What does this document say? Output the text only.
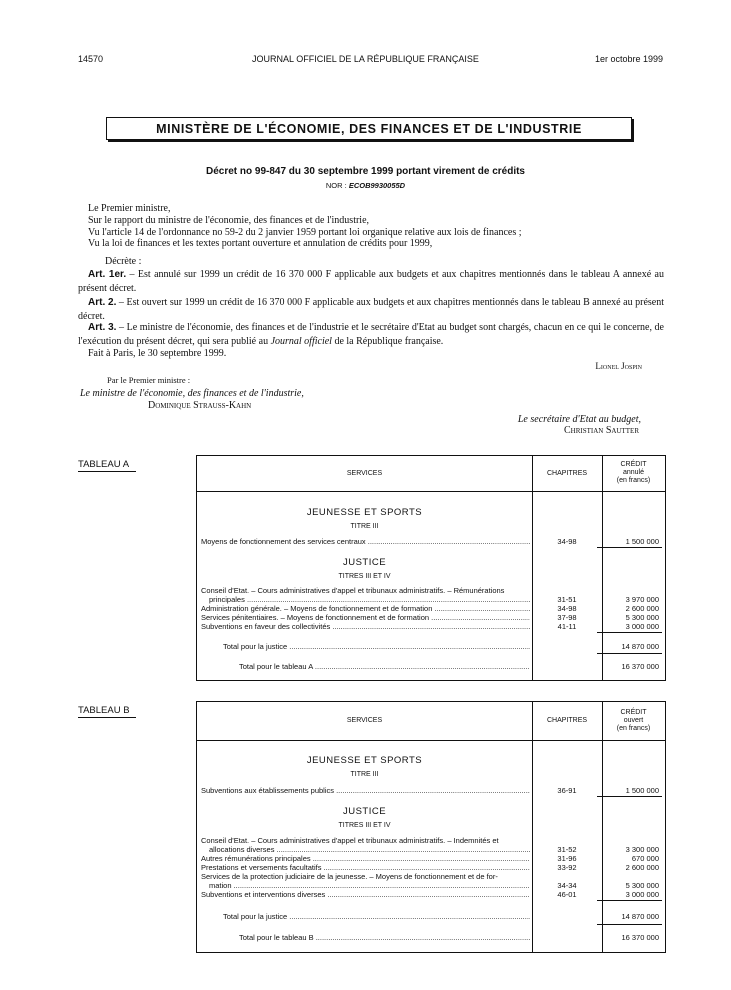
14570	JOURNAL OFFICIEL DE LA RÉPUBLIQUE FRANÇAISE	1er octobre 1999
MINISTÈRE DE L'ÉCONOMIE, DES FINANCES ET DE L'INDUSTRIE
Décret no 99-847 du 30 septembre 1999 portant virement de crédits
NOR : ECOB9930055D
Le Premier ministre,
Sur le rapport du ministre de l'économie, des finances et de l'industrie,
Vu l'article 14 de l'ordonnance no 59-2 du 2 janvier 1959 portant loi organique relative aux lois de finances ;
Vu la loi de finances et les textes portant ouverture et annulation de crédits pour 1999,
Décrète :
Art. 1er. – Est annulé sur 1999 un crédit de 16 370 000 F applicable aux budgets et aux chapitres mentionnés dans le tableau A annexé au présent décret.
Art. 2. – Est ouvert sur 1999 un crédit de 16 370 000 F applicable aux budgets et aux chapitres mentionnés dans le tableau B annexé au présent décret.
Art. 3. – Le ministre de l'économie, des finances et de l'industrie et le secrétaire d'Etat au budget sont chargés, chacun en ce qui le concerne, de l'exécution du présent décret, qui sera publié au Journal officiel de la République française.
Fait à Paris, le 30 septembre 1999.
Lionel Jospin
Par le Premier ministre :
Le ministre de l'économie, des finances et de l'industrie,
Dominique Strauss-Kahn
Le secrétaire d'Etat au budget,
Christian Sautter
TABLEAU A
SERVICES	CHAPITRES
CRÉDIT
annulé
(en francs)
JEUNESSE ET SPORTS
TITRE III
Moyens de fonctionnement des services centraux .....	34-98	1 500 000
JUSTICE
TITRES III ET IV
Conseil d'Etat. – Cours administratives d'appel et tribunaux administratifs. – Rémunérations
principales .....	31-51	3 970 000
Administration générale. – Moyens de fonctionnement et de formation .....	34-98	2 600 000
Services pénitentiaires. – Moyens de fonctionnement et de formation .....	37-98	5 300 000
Subventions en faveur des collectivités .....	41-11	3 000 000
Total pour la justice .....	14 870 000
Total pour le tableau A .....	16 370 000
TABLEAU B
SERVICES	CHAPITRES
CRÉDIT
ouvert
(en francs)
JEUNESSE ET SPORTS
TITRE III
Subventions aux établissements publics .....	36-91	1 500 000
JUSTICE
TITRES III ET IV
Conseil d'Etat. – Cours administratives d'appel et tribunaux administratifs. – Indemnités et
allocations diverses .....	31-52	3 300 000
Autres rémunérations principales .....	31-96	670 000
Prestations et versements facultatifs .....	33-92	2 600 000
Services de la protection judiciaire de la jeunesse. – Moyens de fonctionnement et de for-
mation .....	34-34	5 300 000
Subventions et interventions diverses .....	46-01	3 000 000
Total pour la justice .....	14 870 000
Total pour le tableau B .....	16 370 000
